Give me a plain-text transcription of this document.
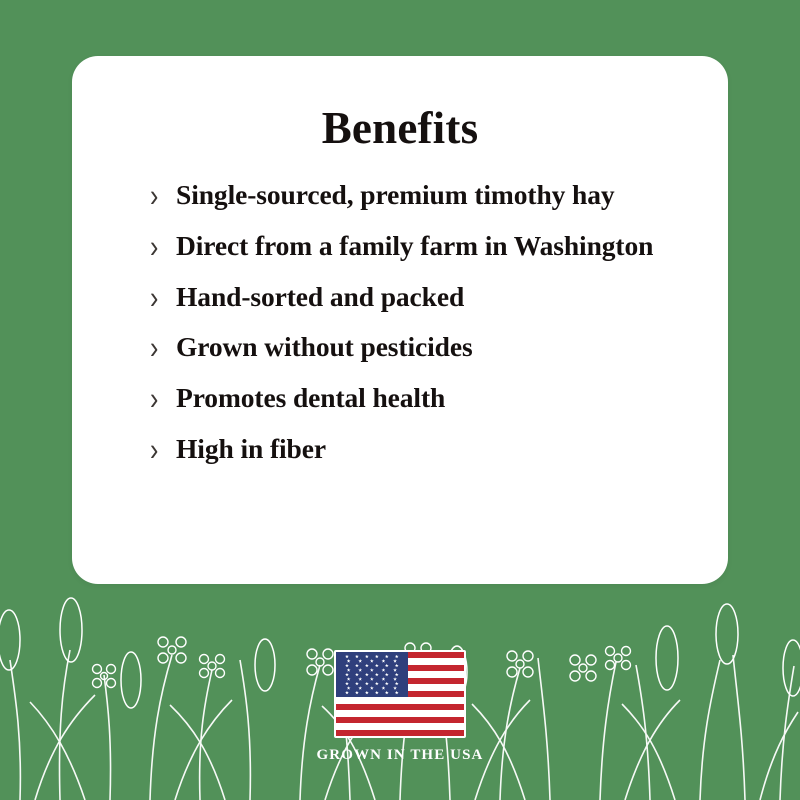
Benefits
› Single-sourced, premium timothy hay
› Direct from a family farm in Washington
› Hand-sorted and packed
› Grown without pesticides
› Promotes dental health
› High in fiber
GROWN IN THE USA
